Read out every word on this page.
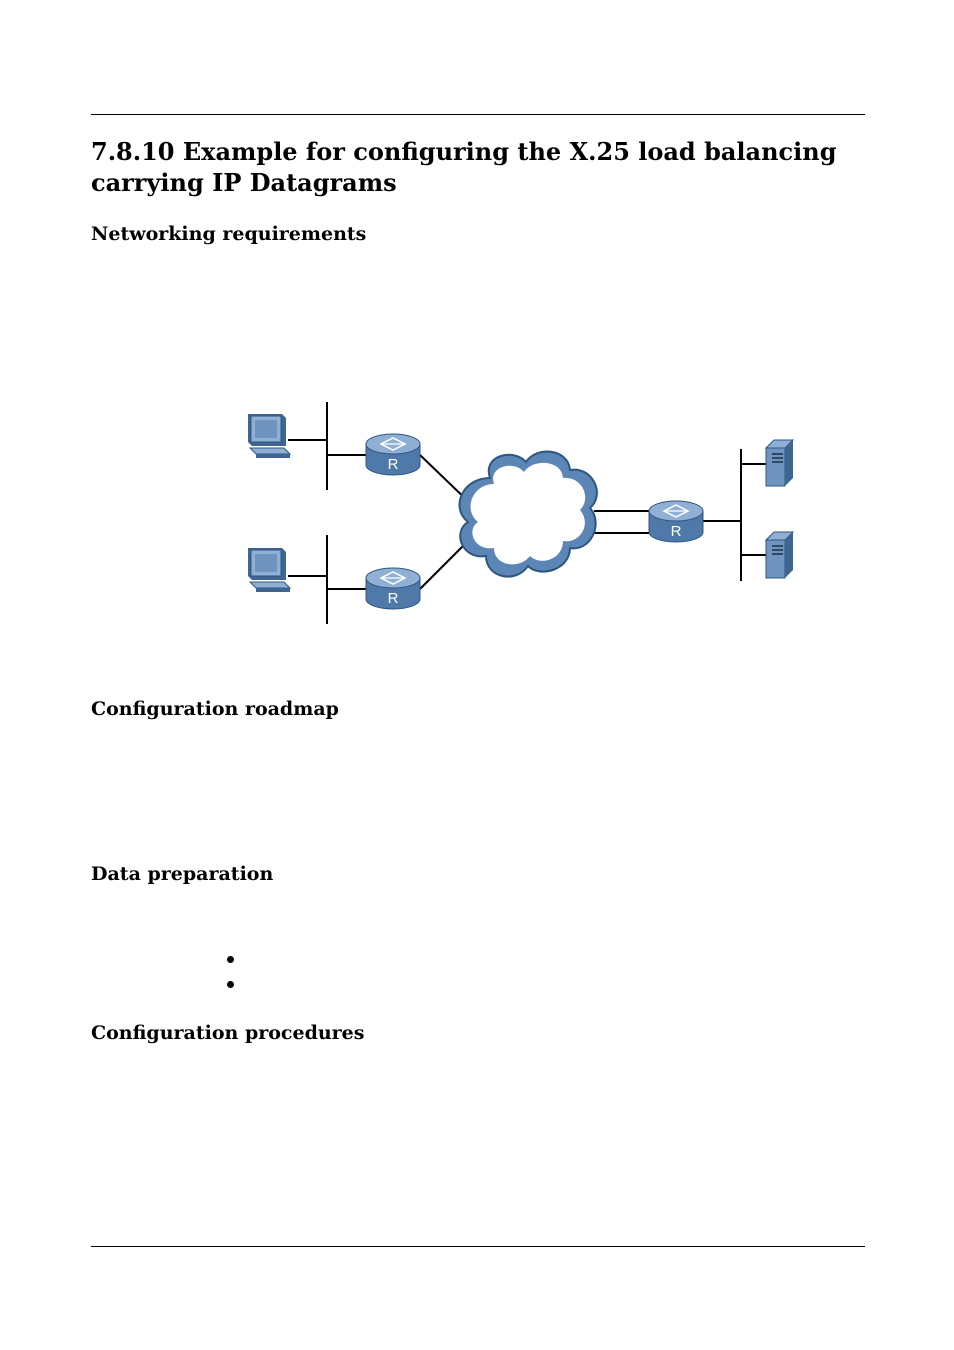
7.8.10 Example for configuring the X.25 load balancing carrying IP Datagrams
Networking requirements
R
R
R
Configuration roadmap
Data preparation
Configuration procedures
